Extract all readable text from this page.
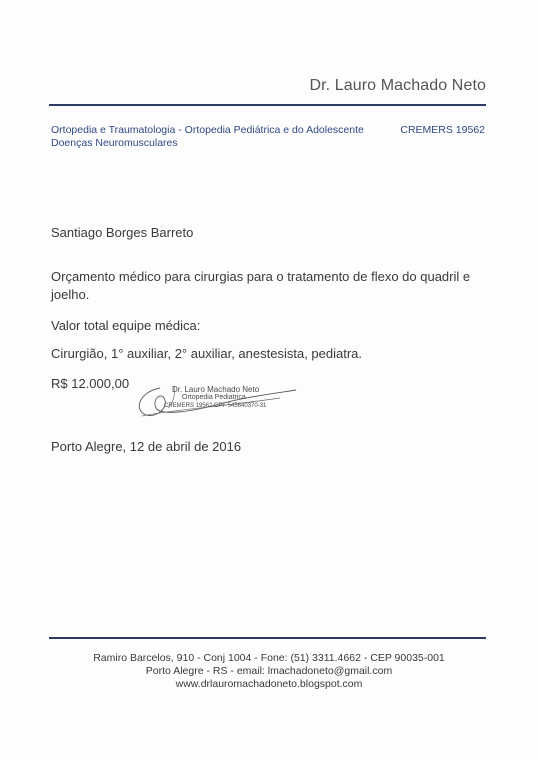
Dr. Lauro Machado Neto
Ortopedia e Traumatologia - Ortopedia Pediátrica e do Adolescente
Doenças Neuromusculares
CREMERS 19562
Santiago Borges Barreto
Orçamento médico para cirurgias para o tratamento de flexo do quadril e joelho.
Valor total equipe médica:
Cirurgião, 1° auxiliar, 2° auxiliar, anestesista, pediatra.
R$ 12.000,00	Dr. Lauro Machado Neto
Ortopedia Pediatrica
CREMERS 19562 CPF 545640370-31
Porto Alegre, 12 de abril de 2016
Ramiro Barcelos, 910 - Conj 1004 - Fone: (51) 3311.4662 - CEP 90035-001
Porto Alegre - RS - email: lmachadoneto@gmail.com
www.drlauromachadoneto.blogspot.com
